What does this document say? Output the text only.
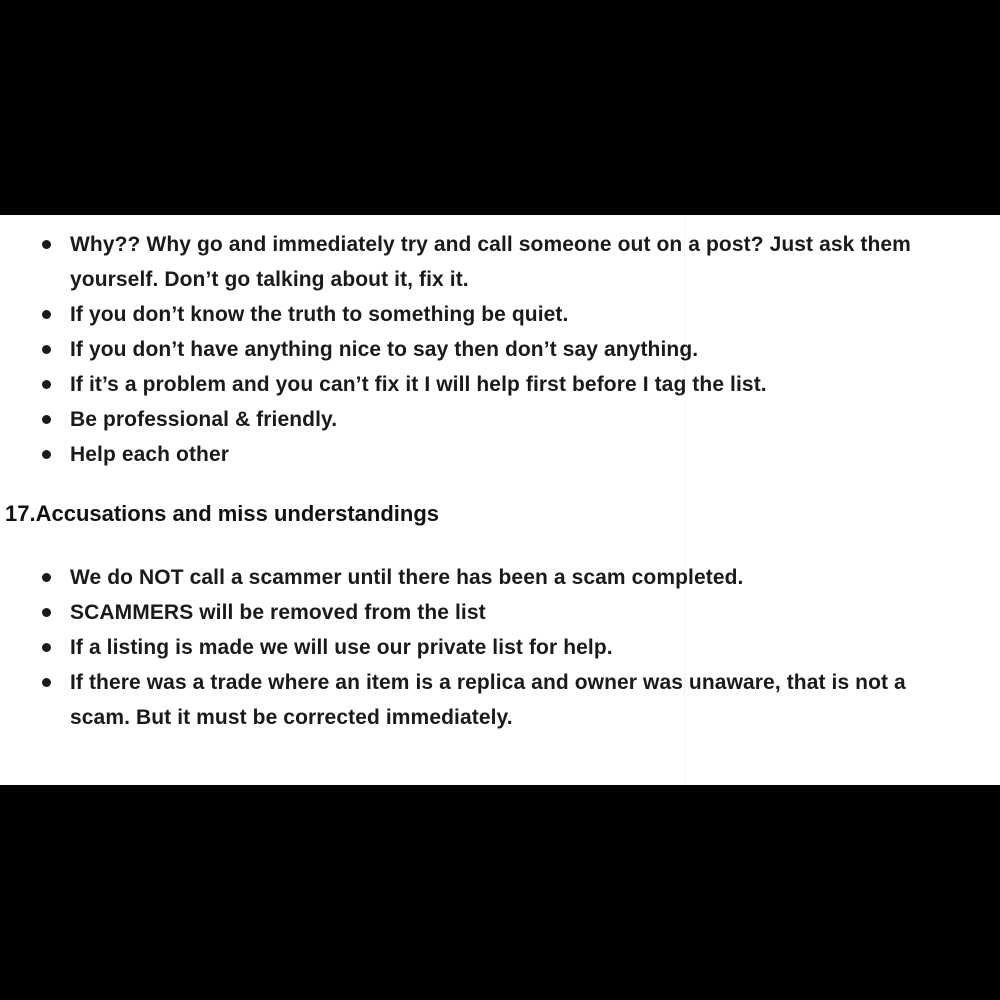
Why?? Why go and immediately try and call someone out on a post? Just ask them
yourself. Don’t go talking about it, fix it.
If you don’t know the truth to something be quiet.
If you don’t have anything nice to say then don’t say anything.
If it’s a problem and you can’t fix it I will help first before I tag the list.
Be professional & friendly.
Help each other
17.Accusations and miss understandings
We do NOT call a scammer until there has been a scam completed.
SCAMMERS will be removed from the list
If a listing is made we will use our private list for help.
If there was a trade where an item is a replica and owner was unaware, that is not a
scam. But it must be corrected immediately.
